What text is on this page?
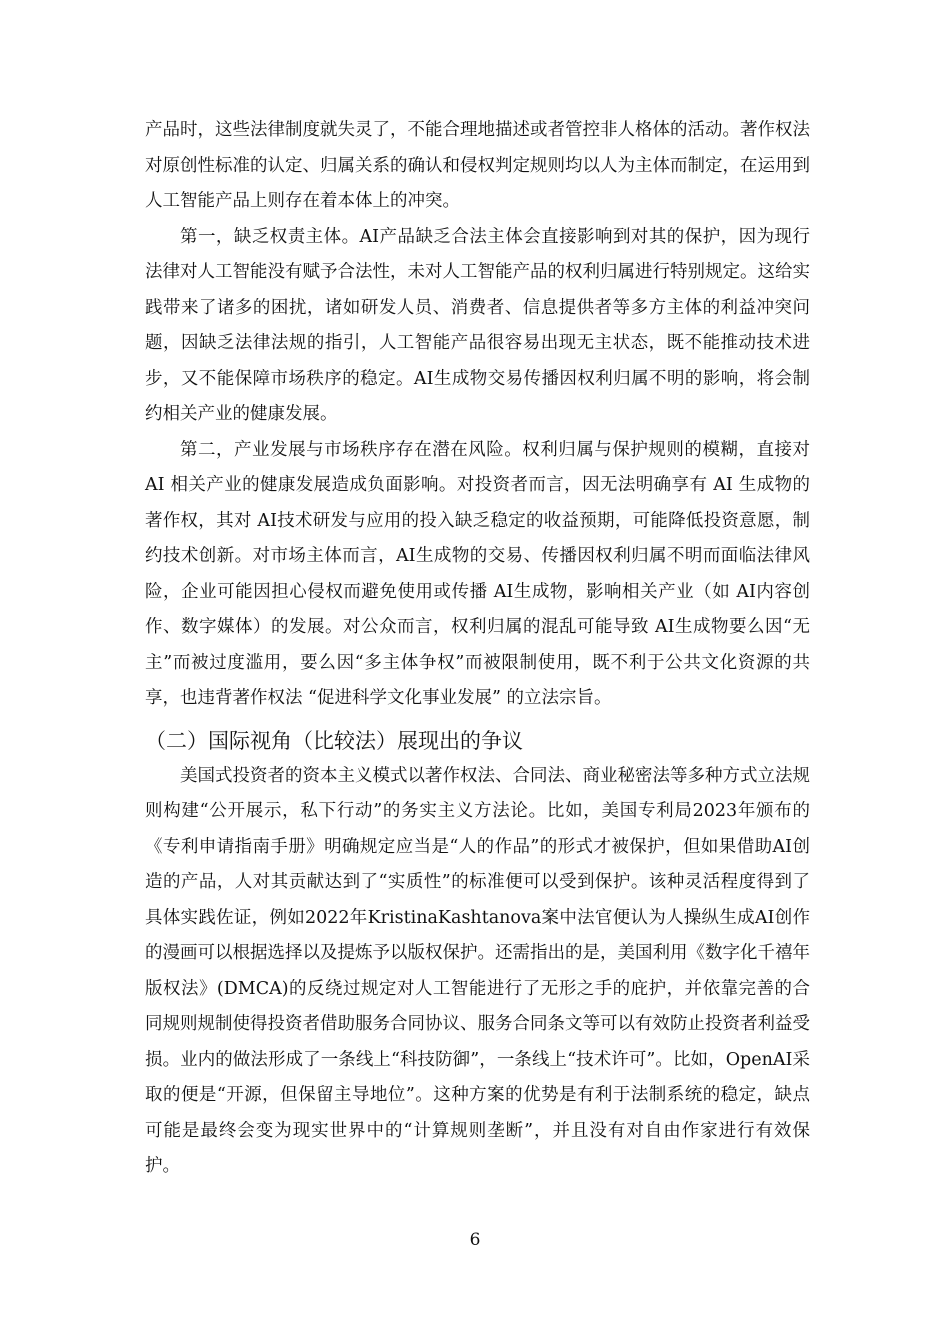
产品时，这些法律制度就失灵了，不能合理地描述或者管控非人格体的活动。著作权法对原创性标准的认定、归属关系的确认和侵权判定规则均以人为主体而制定，在运用到人工智能产品上则存在着本体上的冲突。

第一，缺乏权责主体。AI产品缺乏合法主体会直接影响到对其的保护，因为现行法律对人工智能没有赋予合法性，未对人工智能产品的权利归属进行特别规定。这给实践带来了诸多的困扰，诸如研发人员、消费者、信息提供者等多方主体的利益冲突问题，因缺乏法律法规的指引，人工智能产品很容易出现无主状态，既不能推动技术进步，又不能保障市场秩序的稳定。AI生成物交易传播因权利归属不明的影响，将会制约相关产业的健康发展。

第二，产业发展与市场秩序存在潜在风险。权利归属与保护规则的模糊，直接对 AI 相关产业的健康发展造成负面影响。对投资者而言，因无法明确享有 AI 生成物的著作权，其对 AI技术研发与应用的投入缺乏稳定的收益预期，可能降低投资意愿，制约技术创新。对市场主体而言，AI生成物的交易、传播因权利归属不明而面临法律风险，企业可能因担心侵权而避免使用或传播 AI生成物，影响相关产业（如 AI内容创作、数字媒体）的发展。对公众而言，权利归属的混乱可能导致 AI生成物要么因“无主”而被过度滥用，要么因“多主体争权”而被限制使用，既不利于公共文化资源的共享，也违背著作权法 “促进科学文化事业发展” 的立法宗旨。

（二）国际视角（比较法）展现出的争议

美国式投资者的资本主义模式以著作权法、合同法、商业秘密法等多种方式立法规则构建“公开展示，私下行动”的务实主义方法论。比如，美国专利局2023年颁布的《专利申请指南手册》明确规定应当是“人的作品”的形式才被保护，但如果借助AI创造的产品，人对其贡献达到了“实质性”的标准便可以受到保护。该种灵活程度得到了具体实践佐证，例如2022年KristinaKashtanova案中法官便认为人操纵生成AI创作的漫画可以根据选择以及提炼予以版权保护。还需指出的是，美国利用《数字化千禧年版权法》(DMCA)的反绕过规定对人工智能进行了无形之手的庇护，并依靠完善的合同规则规制使得投资者借助服务合同协议、服务合同条文等可以有效防止投资者利益受损。业内的做法形成了一条线上“科技防御”，一条线上“技术许可”。比如，OpenAI采取的便是“开源，但保留主导地位”。这种方案的优势是有利于法制系统的稳定，缺点可能是最终会变为现实世界中的“计算规则垄断”，并且没有对自由作家进行有效保护。

6
